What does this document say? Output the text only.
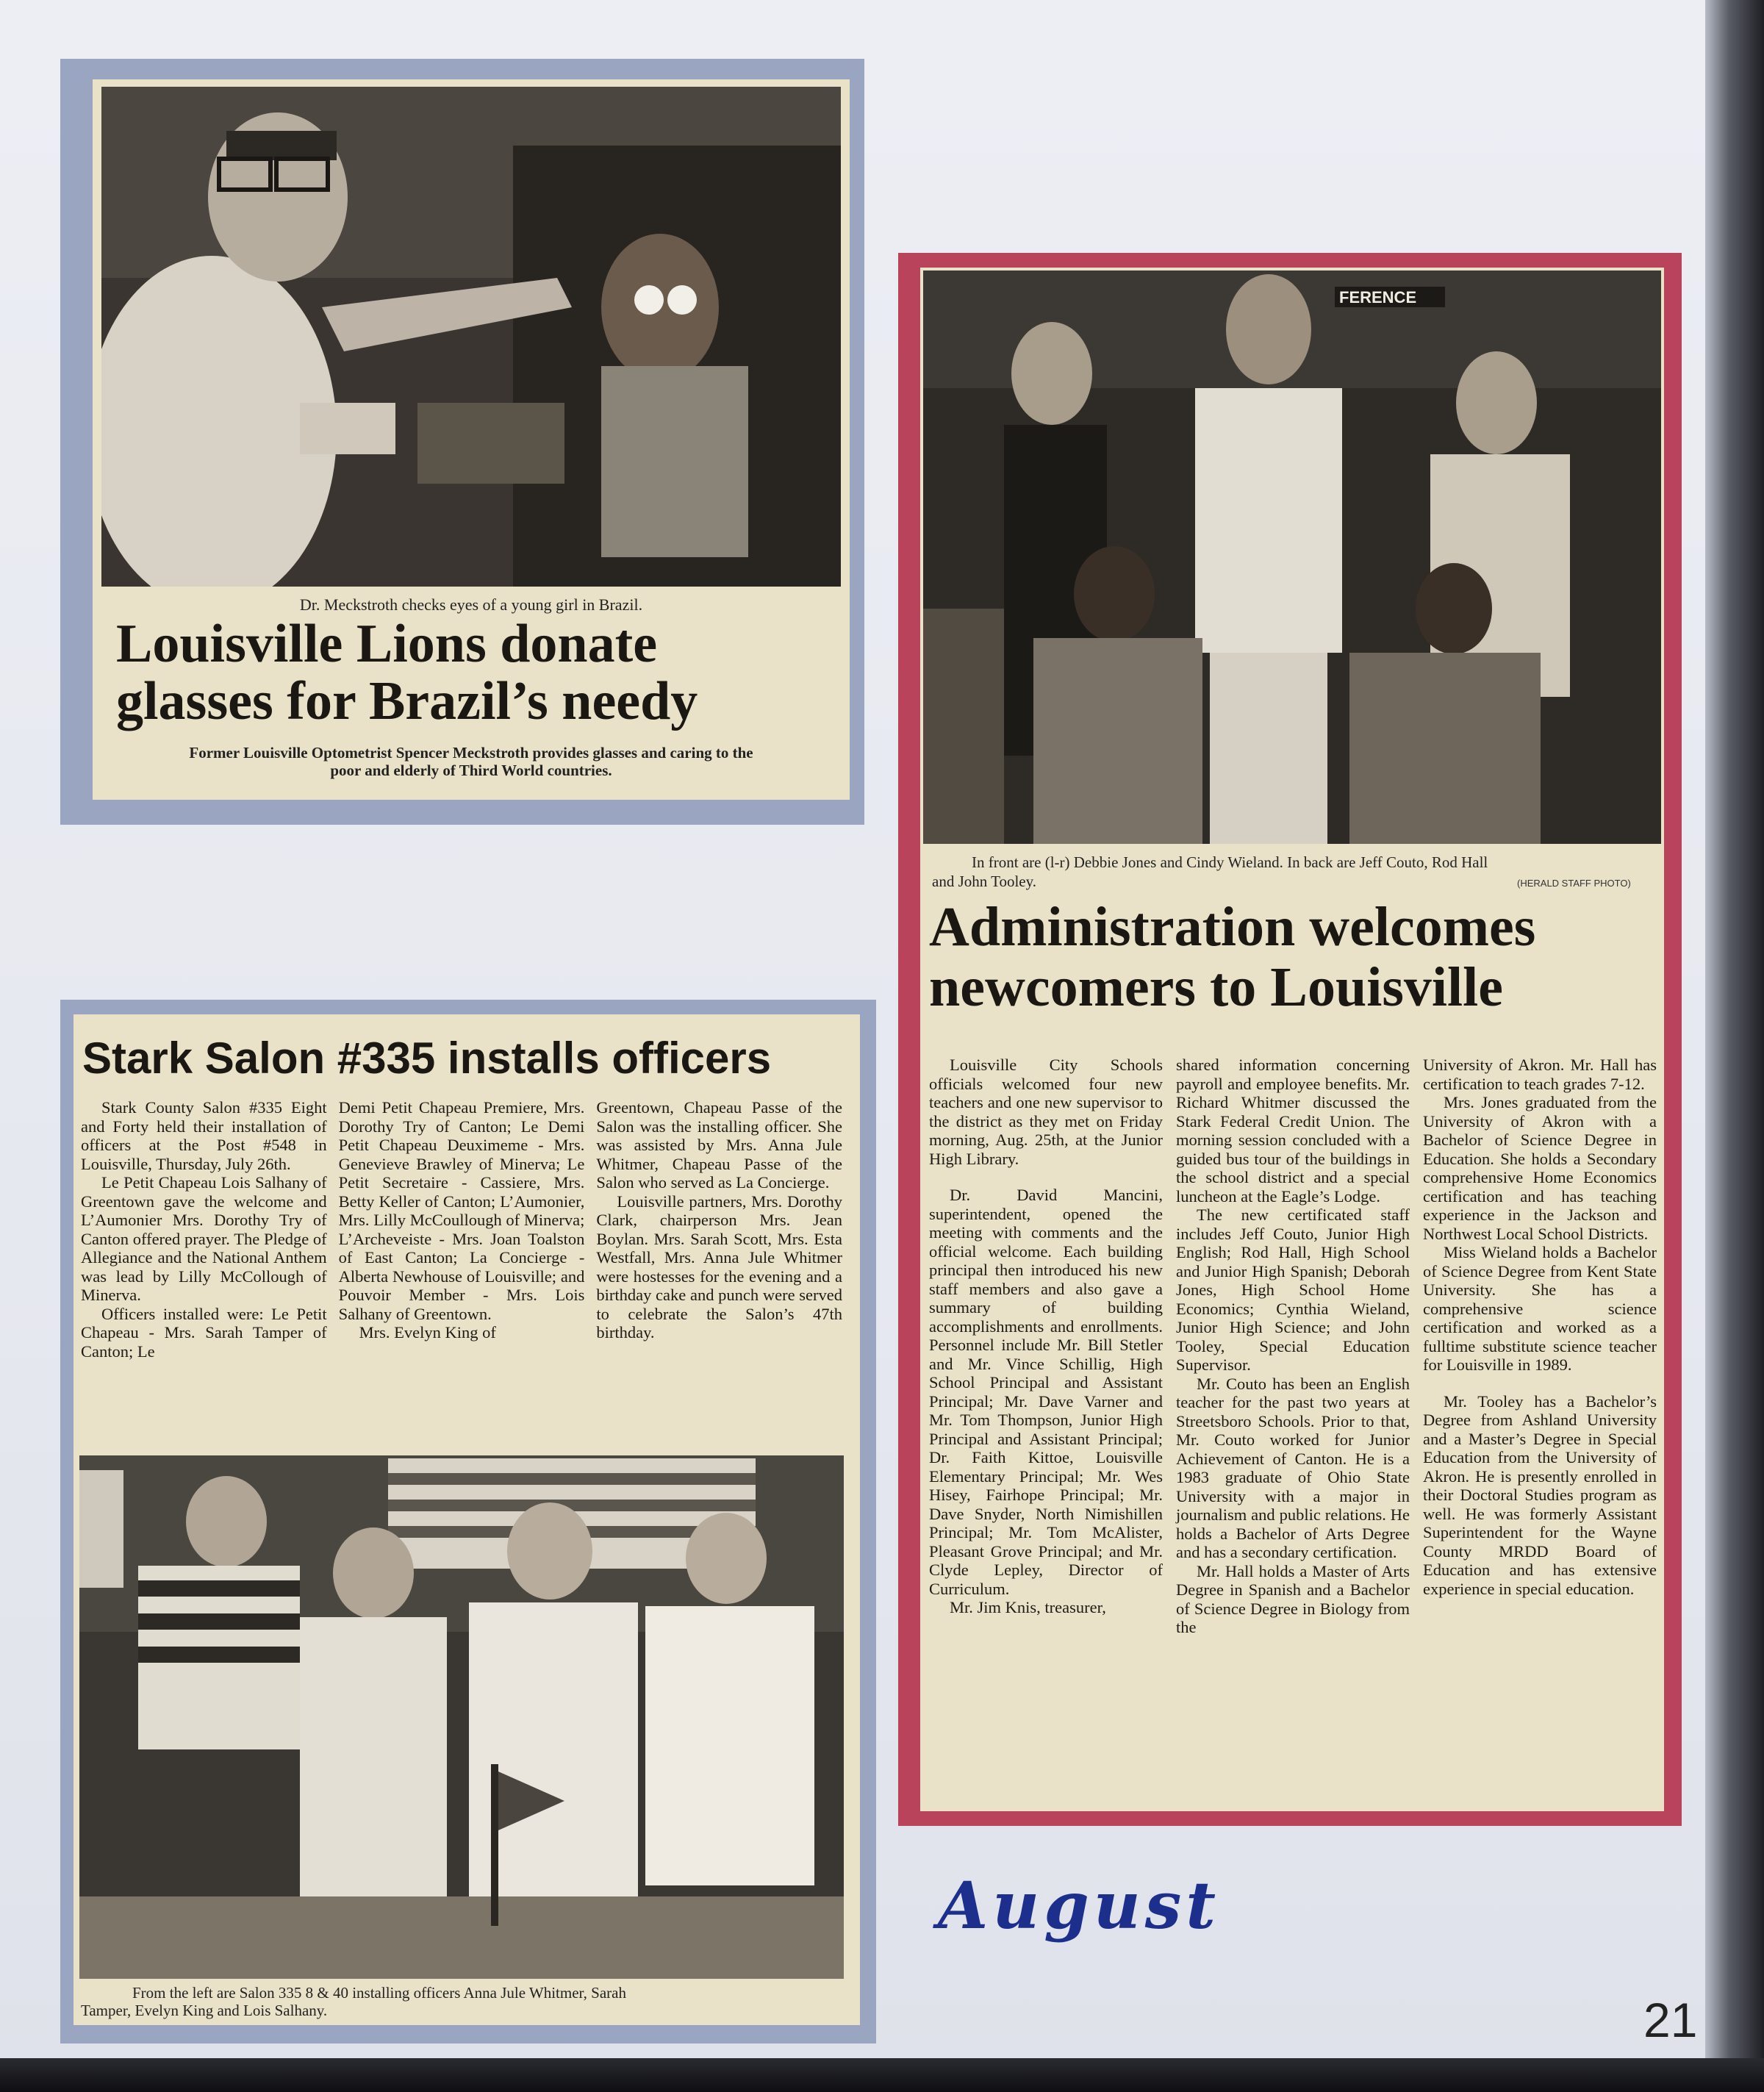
Dr. Meckstroth checks eyes of a young girl in Brazil.
Louisville Lions donate
glasses for Brazil’s needy
Former Louisville Optometrist Spencer Meckstroth provides glasses and caring to the
poor and elderly of Third World countries.
FERENCE
In front are (l-r) Debbie Jones and Cindy Wieland. In back are Jeff Couto, Rod Hall
and John Tooley.	(HERALD STAFF PHOTO)
Administration welcomes
newcomers to Louisville

Louisville City Schools officials welcomed four new teachers and one new supervisor to the district as they met on Friday morning, Aug. 25th, at the Junior High Library.

Dr. David Mancini, superintendent, opened the meeting with comments and the official welcome. Each building principal then introduced his new staff members and also gave a summary of building accomplishments and enrollments. Personnel include Mr. Bill Stetler and Mr. Vince Schillig, High School Principal and Assistant Principal; Mr. Dave Varner and Mr. Tom Thompson, Junior High Principal and Assistant Principal; Dr. Faith Kittoe, Louisville Elementary Principal; Mr. Wes Hisey, Fairhope Principal; Mr. Dave Snyder, North Nimishillen Principal; Mr. Tom McAlister, Pleasant Grove Principal; and Mr. Clyde Lepley, Director of Curriculum.

Mr. Jim Knis, treasurer,

shared information concerning payroll and employee benefits. Mr. Richard Whitmer discussed the Stark Federal Credit Union. The morning session concluded with a guided bus tour of the buildings in the school district and a special luncheon at the Eagle’s Lodge.

The new certificated staff includes Jeff Couto, Junior High English; Rod Hall, High School and Junior High Spanish; Deborah Jones, High School Home Economics; Cynthia Wieland, Junior High Science; and John Tooley, Special Education Supervisor.

Mr. Couto has been an English teacher for the past two years at Streetsboro Schools. Prior to that, Mr. Couto worked for Junior Achievement of Canton. He is a 1983 graduate of Ohio State University with a major in journalism and public relations. He holds a Bachelor of Arts Degree and has a secondary certification.

Mr. Hall holds a Master of Arts Degree in Spanish and a Bachelor of Science Degree in Biology from the

University of Akron. Mr. Hall has certification to teach grades 7-12.

Mrs. Jones graduated from the University of Akron with a Bachelor of Science Degree in Education. She holds a Secondary comprehensive Home Economics certification and has teaching experience in the Jackson and Northwest Local School Districts.

Miss Wieland holds a Bachelor of Science Degree from Kent State University. She has a comprehensive science certification and worked as a fulltime substitute science teacher for Louisville in 1989.

Mr. Tooley has a Bachelor’s Degree from Ashland University and a Master’s Degree in Special Education from the University of Akron. He is presently enrolled in their Doctoral Studies program as well. He was formerly Assistant Superintendent for the Wayne County MRDD Board of Education and has extensive experience in special education.

Stark Salon #335 installs officers

Stark County Salon #335 Eight and Forty held their installation of officers at the Post #548 in Louisville, Thursday, July 26th.

Le Petit Chapeau Lois Salhany of Greentown gave the welcome and L’Aumonier Mrs. Dorothy Try of Canton offered prayer. The Pledge of Allegiance and the National Anthem was lead by Lilly McCollough of Minerva.

Officers installed were: Le Petit Chapeau - Mrs. Sarah Tamper of Canton; Le

Demi Petit Chapeau Premiere, Mrs. Dorothy Try of Canton; Le Demi Petit Chapeau Deuximeme - Mrs. Genevieve Brawley of Minerva; Le Petit Secretaire - Cassiere, Mrs. Betty Keller of Canton; L’Aumonier, Mrs. Lilly McCoullough of Minerva; L’Archeveiste - Mrs. Joan Toalston of East Canton; La Concierge - Alberta Newhouse of Louisville; and Pouvoir Member - Mrs. Lois Salhany of Greentown.

Mrs. Evelyn King of

Greentown, Chapeau Passe of the Salon was the installing officer. She was assisted by Mrs. Anna Jule Whitmer, Chapeau Passe of the Salon who served as La Concierge.

Louisville partners, Mrs. Dorothy Clark, chairperson Mrs. Jean Boylan. Mrs. Sarah Scott, Mrs. Esta Westfall, Mrs. Anna Jule Whitmer were hostesses for the evening and a birthday cake and punch were served to celebrate the Salon’s 47th birthday.

From the left are Salon 335 8 & 40 installing officers Anna Jule Whitmer, Sarah
Tamper, Evelyn King and Lois Salhany.
August
21
